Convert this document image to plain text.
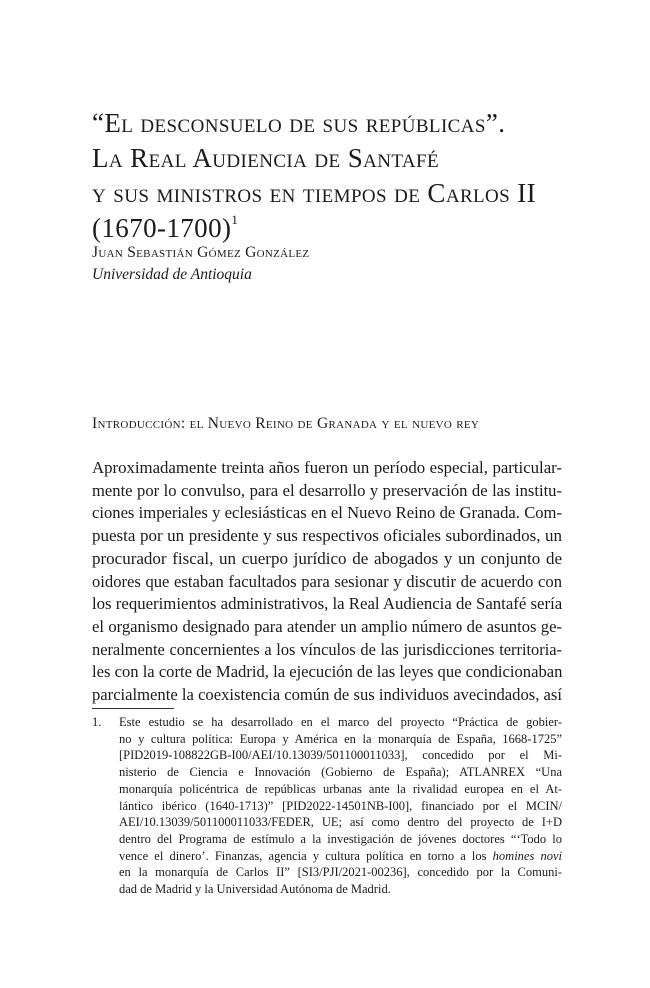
“El desconsuelo de sus repúblicas”.

La Real Audiencia de Santafé

y sus ministros en tiempos de Carlos II

(1670-1700)$^1$

Juan Sebastián Gómez González

Universidad de Antioquia

Introducción: el Nuevo Reino de Granada y el nuevo rey

Aproximadamente treinta años fueron un período especial, particular-

mente por lo convulso, para el desarrollo y preservación de las institu-

ciones imperiales y eclesiásticas en el Nuevo Reino de Granada. Com-

puesta por un presidente y sus respectivos oficiales subordinados, un

procurador fiscal, un cuerpo jurídico de abogados y un conjunto de

oidores que estaban facultados para sesionar y discutir de acuerdo con

los requerimientos administrativos, la Real Audiencia de Santafé sería

el organismo designado para atender un amplio número de asuntos ge-

neralmente concernientes a los vínculos de las jurisdicciones territoria-

les con la corte de Madrid, la ejecución de las leyes que condicionaban

parcialmente la coexistencia común de sus individuos avecindados, así

1. Este estudio se ha desarrollado en el marco del proyecto “Práctica de gobier-

no y cultura política: Europa y América en la monarquía de España, 1668-1725”

[PID2019-108822GB-I00/AEI/10.13039/501100011033], concedido por el Mi-

nisterio de Ciencia e Innovación (Gobierno de España); ATLANREX “Una

monarquía policéntrica de repúblicas urbanas ante la rivalidad europea en el At-

lántico ibérico (1640-1713)” [PID2022-14501NB-I00], financiado por el MCIN/

AEI/10.13039/501100011033/FEDER, UE; así como dentro del proyecto de I+D

dentro del Programa de estímulo a la investigación de jóvenes doctores “‘Todo lo

vence el dinero’. Finanzas, agencia y cultura política en torno a los homines novi

en la monarquía de Carlos II” [SI3/PJI/2021-00236], concedido por la Comuni-

dad de Madrid y la Universidad Autónoma de Madrid.
